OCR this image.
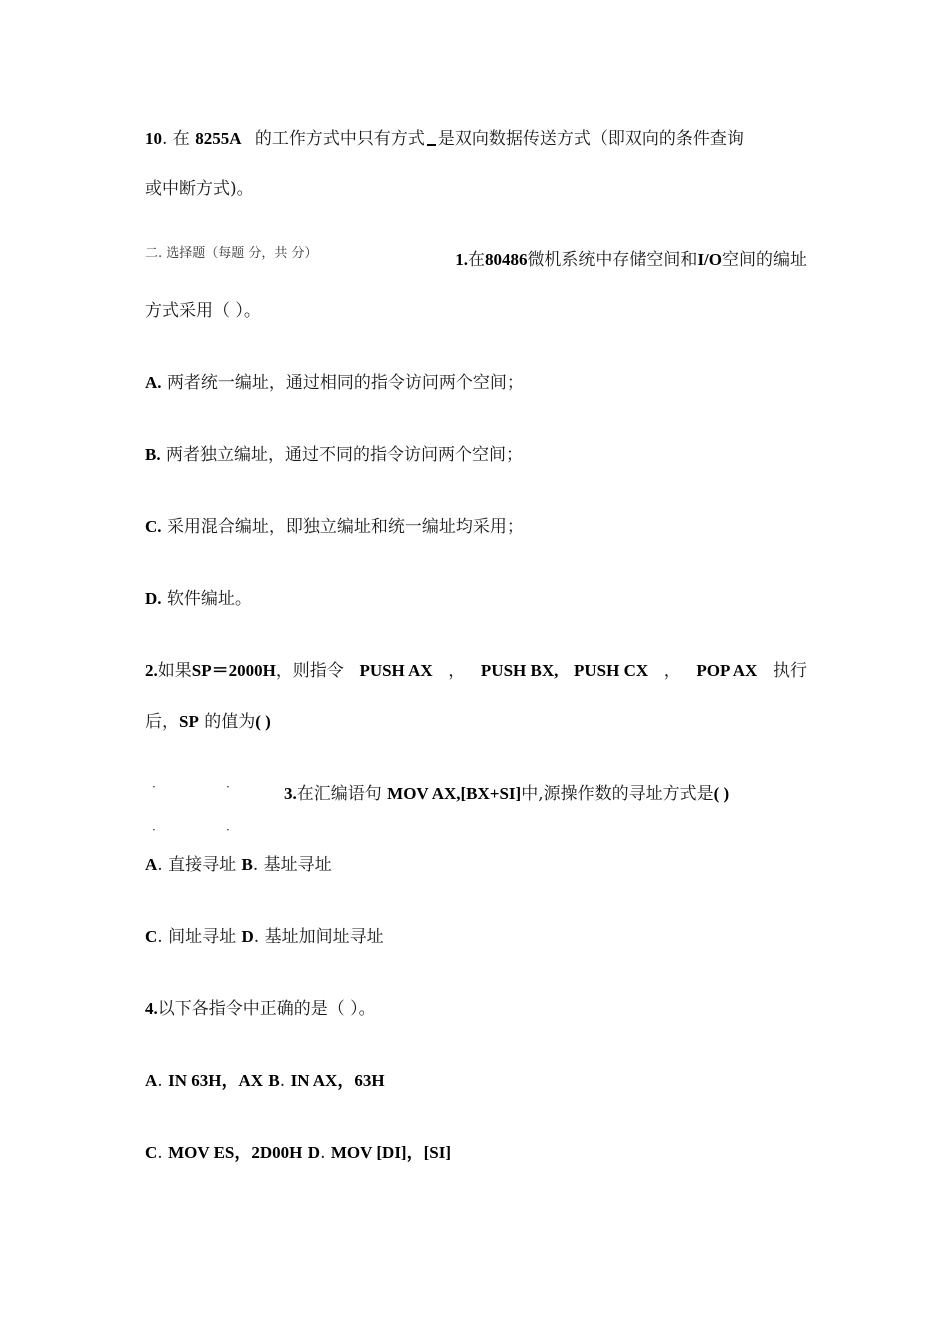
10. 在 8255A 的工作方式中只有方式 是双向数据传送方式（即双向的条件查询
或中断方式)。
二. 选择题（每题 分，共 分）	1.在80486微机系统中存储空间和I/O空间的编址
方式采用（ ）。
A. 两者统一编址，通过相同的指令访问两个空间；
B. 两者独立编址，通过不同的指令访问两个空间；
C. 采用混合编址，即独立编址和统一编址均采用；
D. 软件编址。
2.如果SP＝2000H，则指令 PUSH AX ， PUSH BX, PUSH CX ， POP AX 执行
后，SP 的值为( )
·	·
·	·
3.在汇编语句 MOV AX,[BX+SI]中,源操作数的寻址方式是( )
A. 直接寻址 B. 基址寻址
C. 间址寻址 D. 基址加间址寻址
4.以下各指令中正确的是（ ）。
A. IN 63H，AX B. IN AX，63H
C. MOV ES，2D00H D. MOV [DI]，[SI]
